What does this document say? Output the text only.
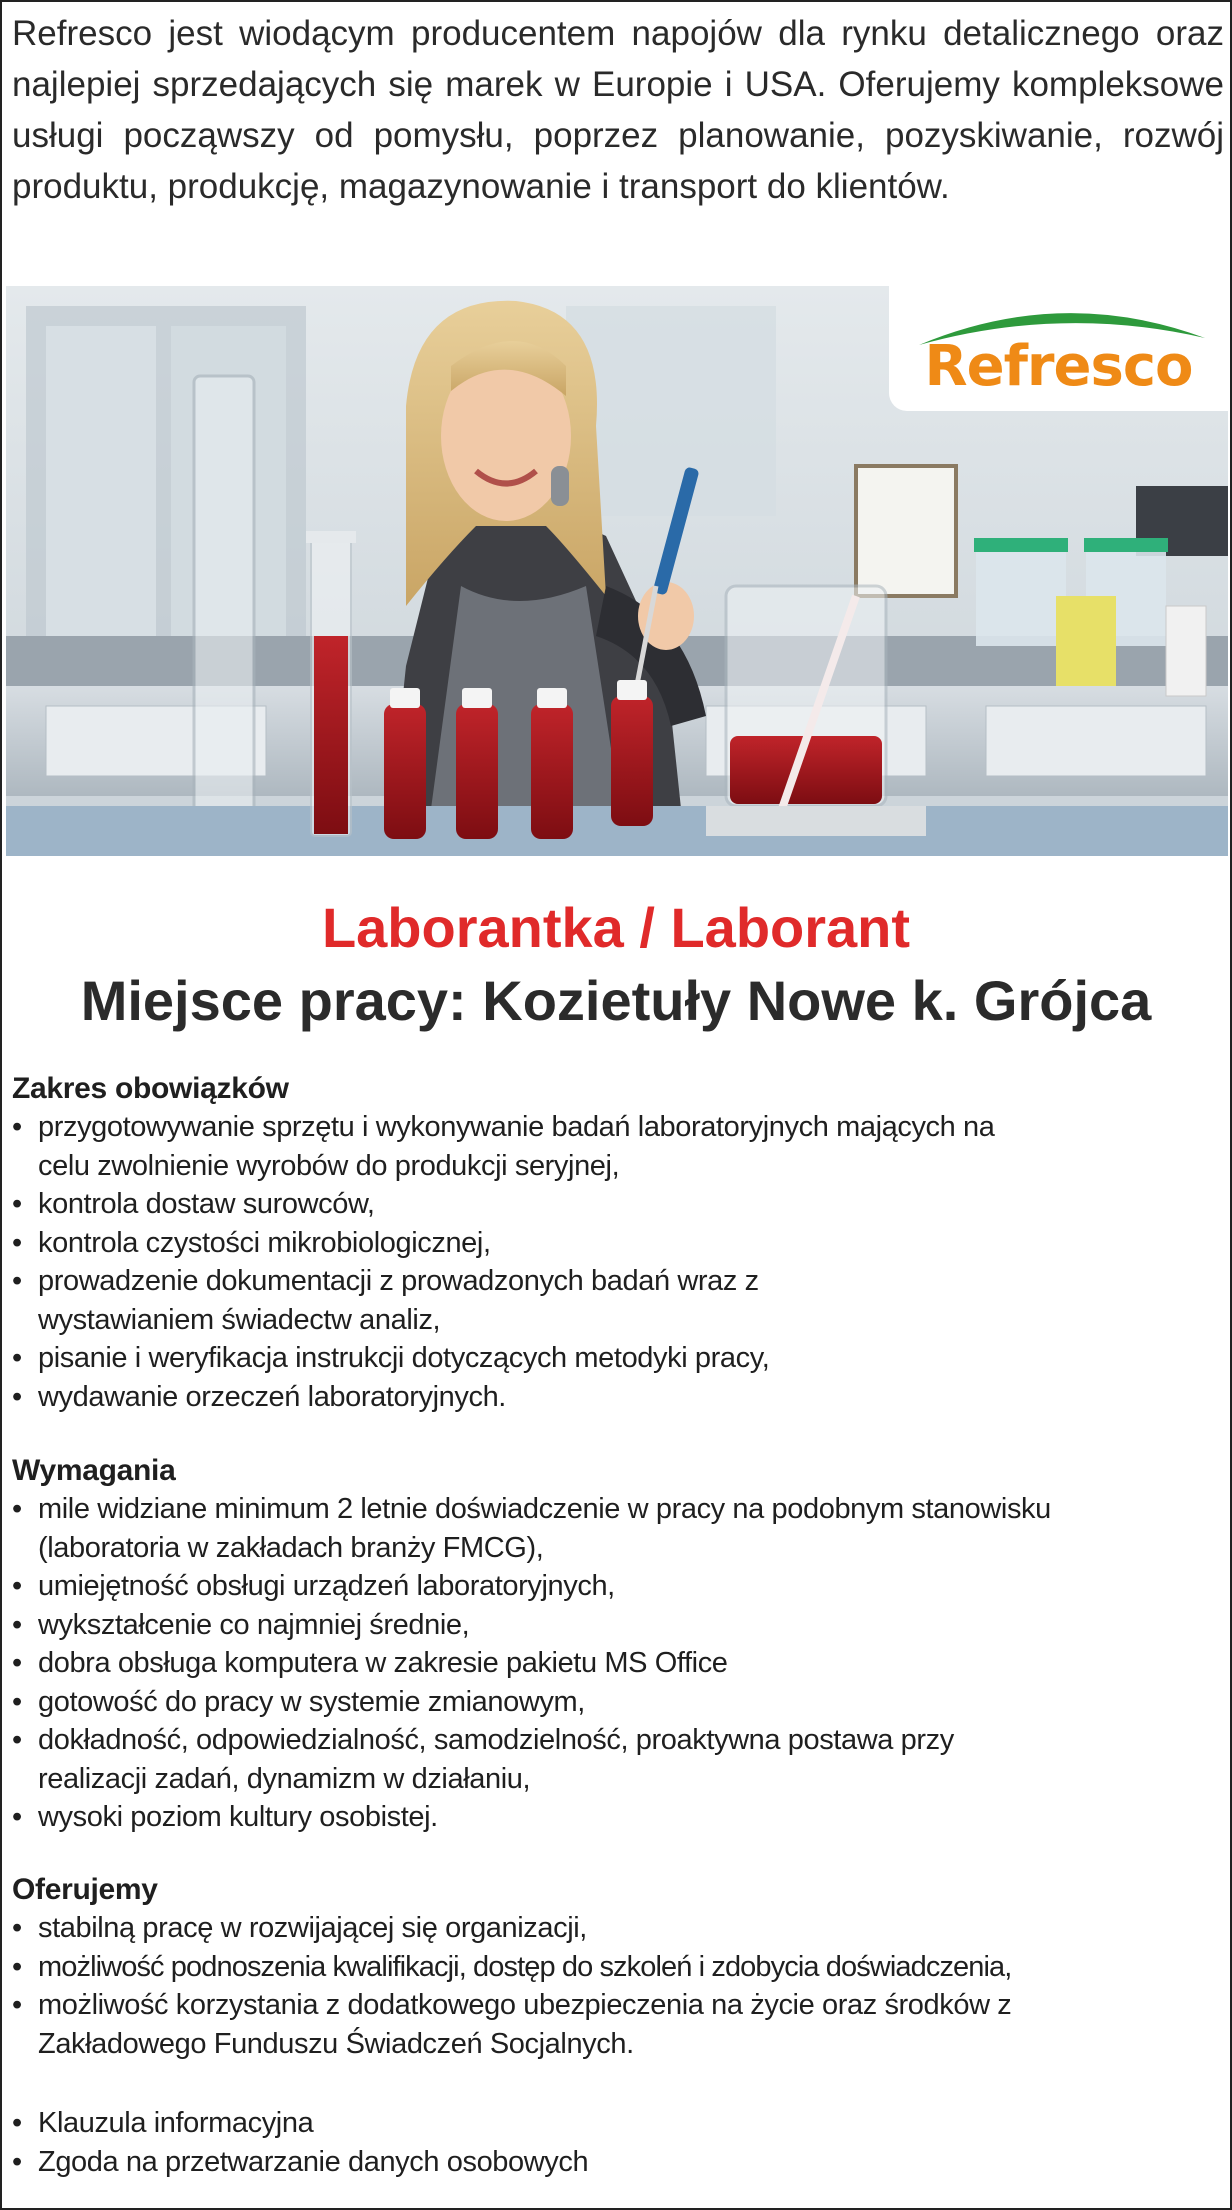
Refresco jest wiodącym producentem napojów dla rynku detalicznego oraz najlepiej sprzedających się marek w Europie i USA. Oferujemy kompleksowe usługi począwszy od pomysłu, poprzez planowanie, pozyskiwanie, rozwój produktu, produkcję, magazynowanie i transport do klientów.
Refresco
Laborantka / Laborant
Miejsce pracy: Kozietuły Nowe k. Grójca
Zakres obowiązków
• przygotowywanie sprzętu i wykonywanie badań laboratoryjnych mających na celu zwolnienie wyrobów do produkcji seryjnej,
• kontrola dostaw surowców,
• kontrola czystości mikrobiologicznej,
• prowadzenie dokumentacji z prowadzonych badań wraz z wystawianiem świadectw analiz,
• pisanie i weryfikacja instrukcji dotyczących metodyki pracy,
• wydawanie orzeczeń laboratoryjnych.
Wymagania
• mile widziane minimum 2 letnie doświadczenie w pracy na podobnym stanowisku (laboratoria w zakładach branży FMCG),
• umiejętność obsługi urządzeń laboratoryjnych,
• wykształcenie co najmniej średnie,
• dobra obsługa komputera w zakresie pakietu MS Office
• gotowość do pracy w systemie zmianowym,
• dokładność, odpowiedzialność, samodzielność, proaktywna postawa przy realizacji zadań, dynamizm w działaniu,
• wysoki poziom kultury osobistej.
Oferujemy
• stabilną pracę w rozwijającej się organizacji,
• możliwość podnoszenia kwalifikacji, dostęp do szkoleń i zdobycia doświadczenia,
• możliwość korzystania z dodatkowego ubezpieczenia na życie oraz środków z Zakładowego Funduszu Świadczeń Socjalnych.
• Klauzula informacyjna
• Zgoda na przetwarzanie danych osobowych
